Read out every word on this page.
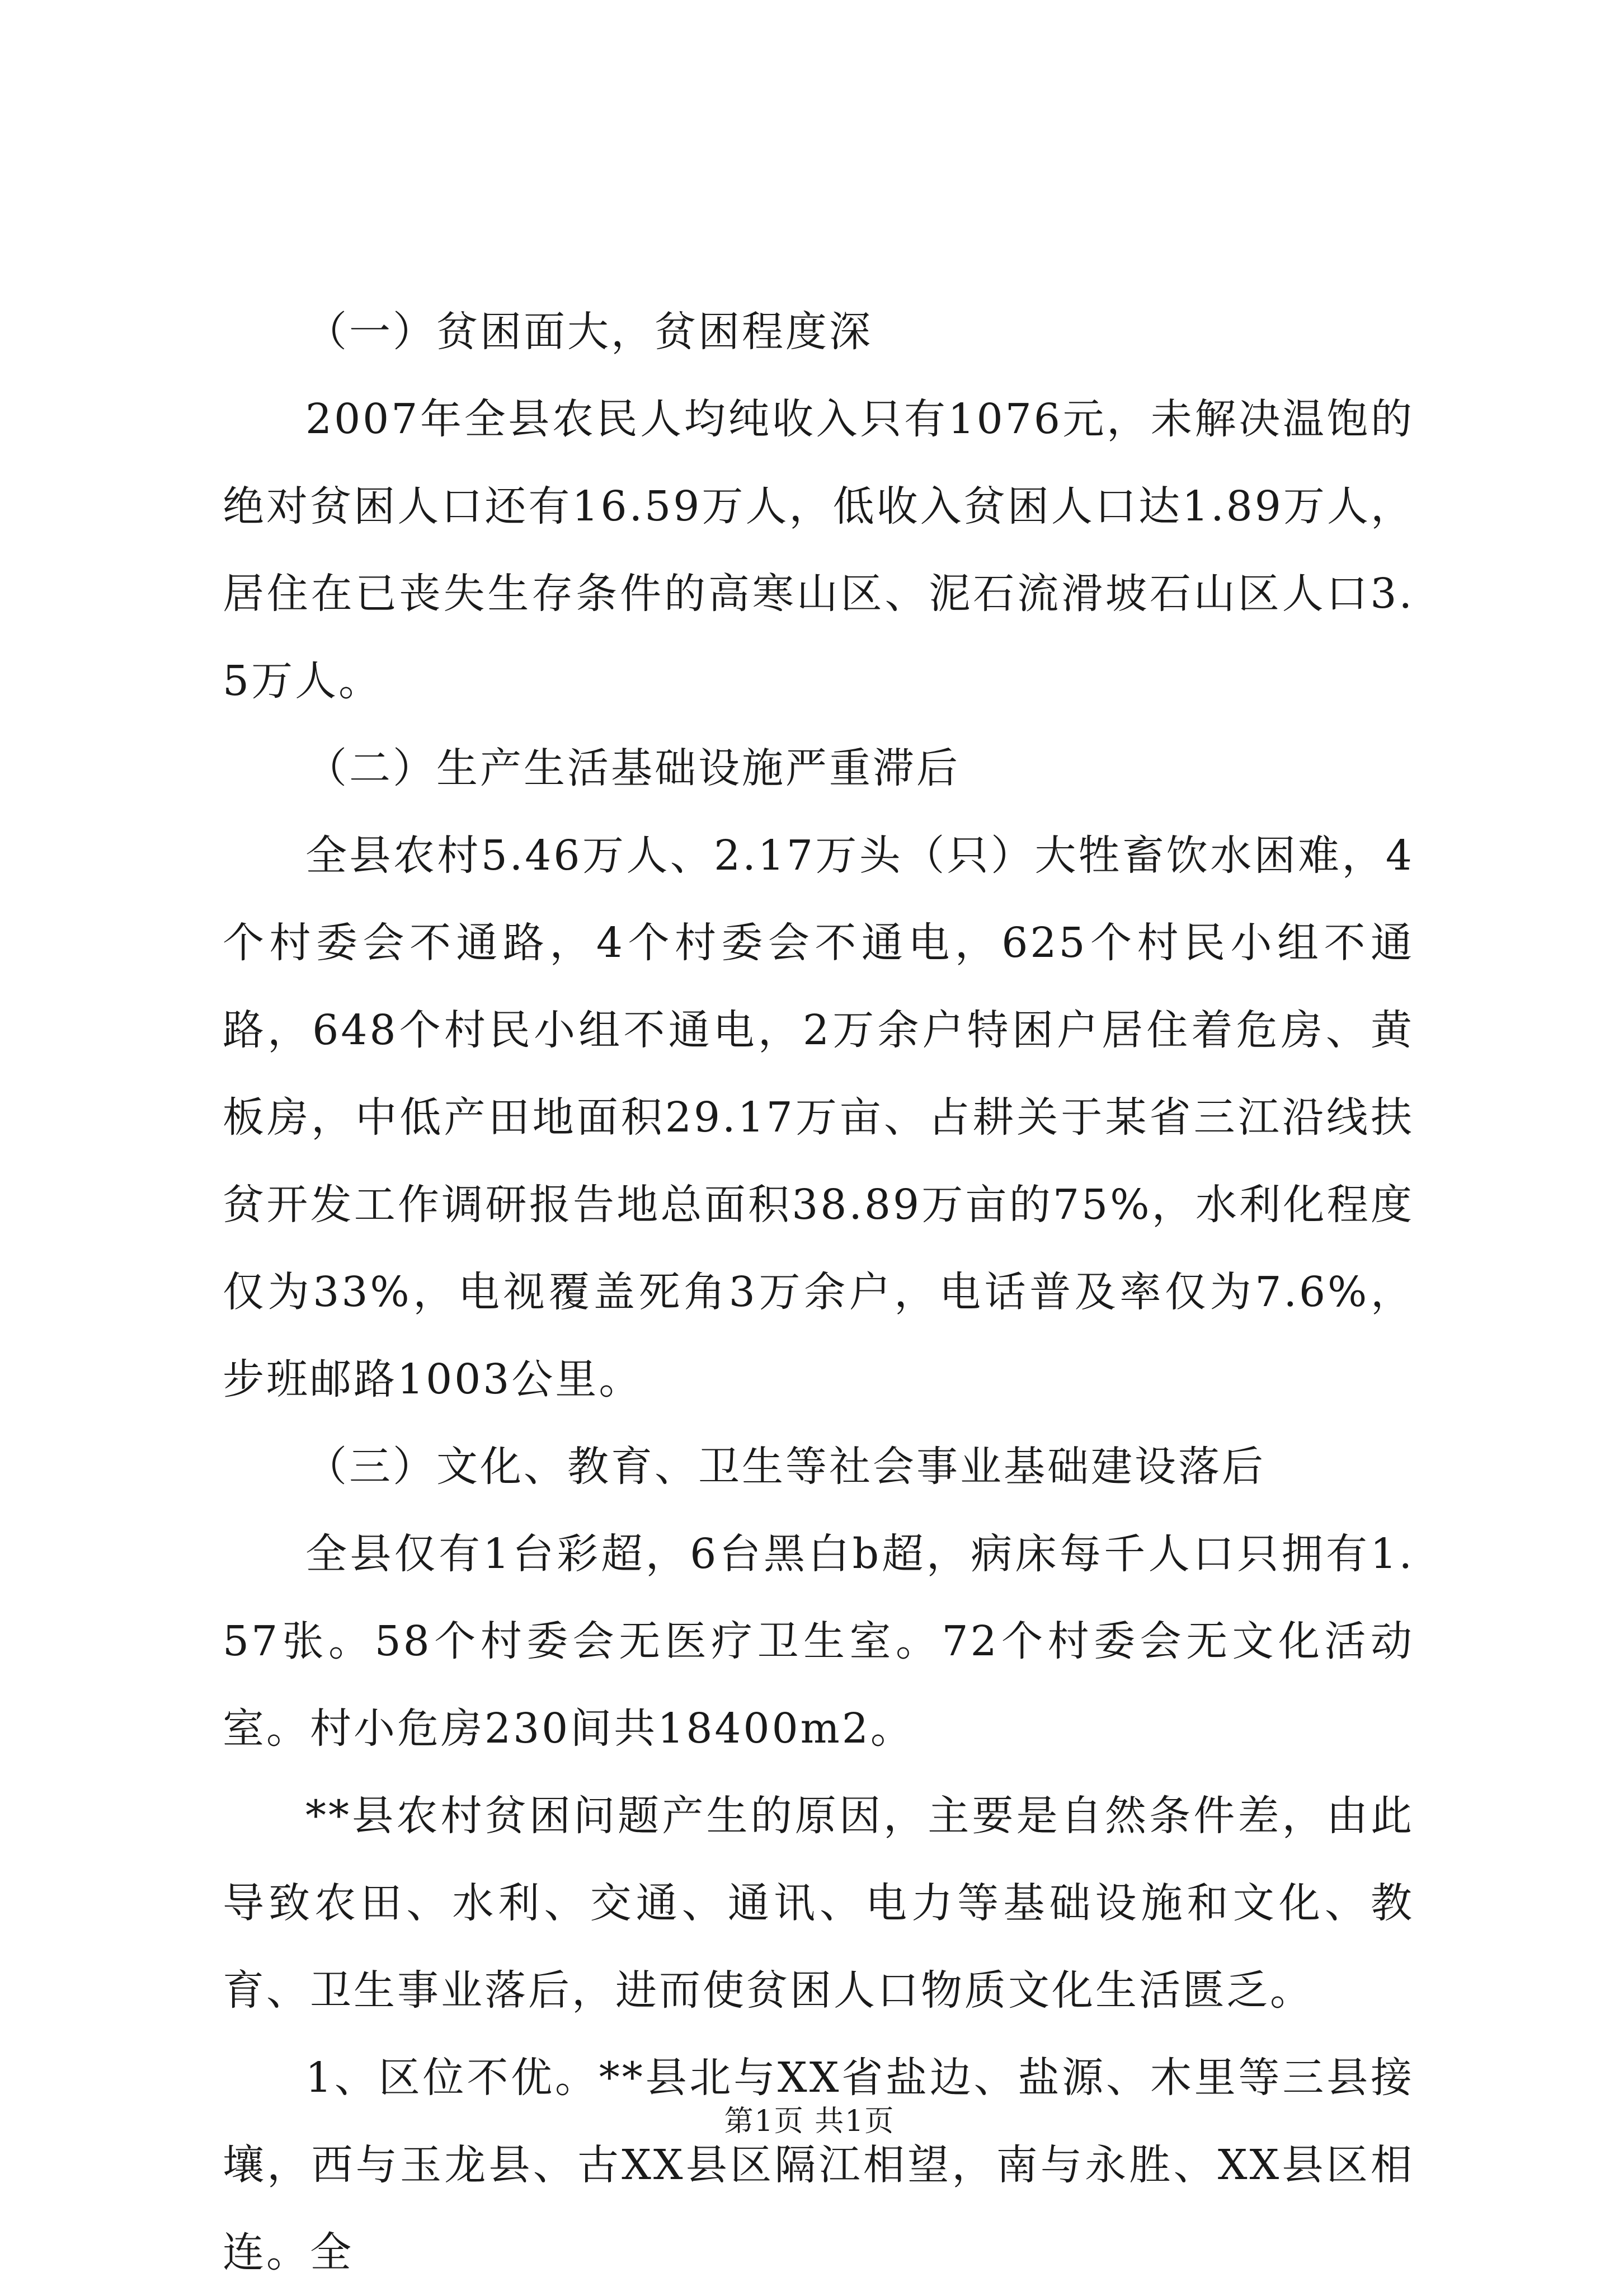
（一）贫困面大，贫困程度深

2007年全县农民人均纯收入只有1076元，未解决温饱的绝对贫困人口还有16.59万人，低收入贫困人口达1.89万人，居住在已丧失生存条件的高寒山区、泥石流滑坡石山区人口3.5万人。

（二）生产生活基础设施严重滞后

全县农村5.46万人、2.17万头（只）大牲畜饮水困难，4个村委会不通路，4个村委会不通电，625个村民小组不通路，648个村民小组不通电，2万余户特困户居住着危房、黄板房，中低产田地面积29.17万亩、占耕关于某省三江沿线扶贫开发工作调研报告地总面积38.89万亩的75%，水利化程度仅为33%，电视覆盖死角3万余户，电话普及率仅为7.6%，步班邮路1003公里。

（三）文化、教育、卫生等社会事业基础建设落后

全县仅有1台彩超，6台黑白b超，病床每千人口只拥有1.57张。58个村委会无医疗卫生室。72个村委会无文化活动室。村小危房230间共18400m2。

**县农村贫困问题产生的原因，主要是自然条件差，由此导致农田、水利、交通、通讯、电力等基础设施和文化、教育、卫生事业落后，进而使贫困人口物质文化生活匮乏。

1、区位不优。**县北与XX省盐边、盐源、木里等三县接壤，西与玉龙县、古XX县区隔江相望，南与永胜、XX县区相连。全

第1页 共1页
